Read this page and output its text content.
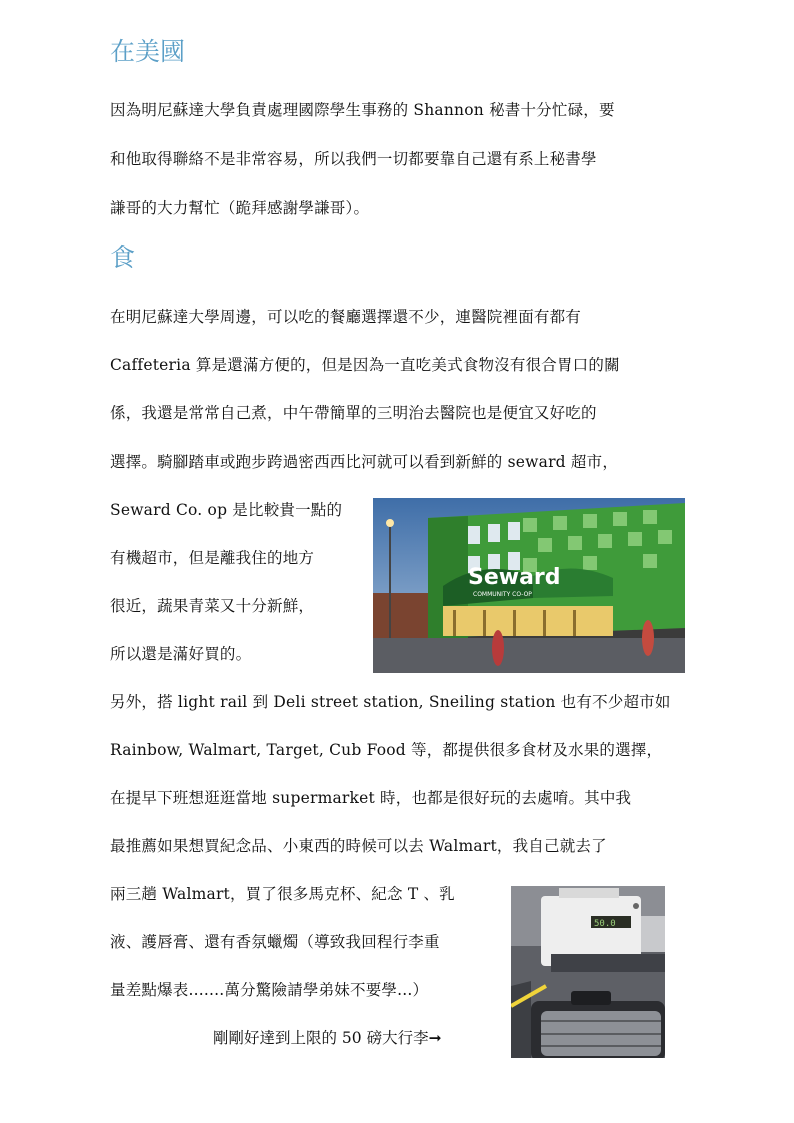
在美國
因為明尼蘇達大學負責處理國際學生事務的 Shannon 秘書十分忙碌，要
和他取得聯絡不是非常容易，所以我們一切都要靠自己還有系上秘書學
謙哥的大力幫忙（跪拜感謝學謙哥）。
食
在明尼蘇達大學周邊，可以吃的餐廳選擇還不少，連醫院裡面有都有
Caffeteria 算是還滿方便的，但是因為一直吃美式食物沒有很合胃口的關
係，我還是常常自己煮，中午帶簡單的三明治去醫院也是便宜又好吃的
選擇。騎腳踏車或跑步跨過密西西比河就可以看到新鮮的 seward 超市，
Seward Co. op 是比較貴一點的
有機超市，但是離我住的地方
很近，蔬果青菜又十分新鮮，
所以還是滿好買的。
Seward
COMMUNITY CO-OP
另外，搭 light rail 到 Deli street station, Sneiling station 也有不少超市如
Rainbow, Walmart, Target, Cub Food 等，都提供很多食材及水果的選擇，
在提早下班想逛逛當地 supermarket 時，也都是很好玩的去處唷。其中我
最推薦如果想買紀念品、小東西的時候可以去 Walmart，我自己就去了
兩三趟 Walmart，買了很多馬克杯、紀念 T 、乳
液、護唇膏、還有香氛蠟燭（導致我回程行李重
量差點爆表.......萬分驚險請學弟妹不要學...）
剛剛好達到上限的 50 磅大行李➞
50.0
